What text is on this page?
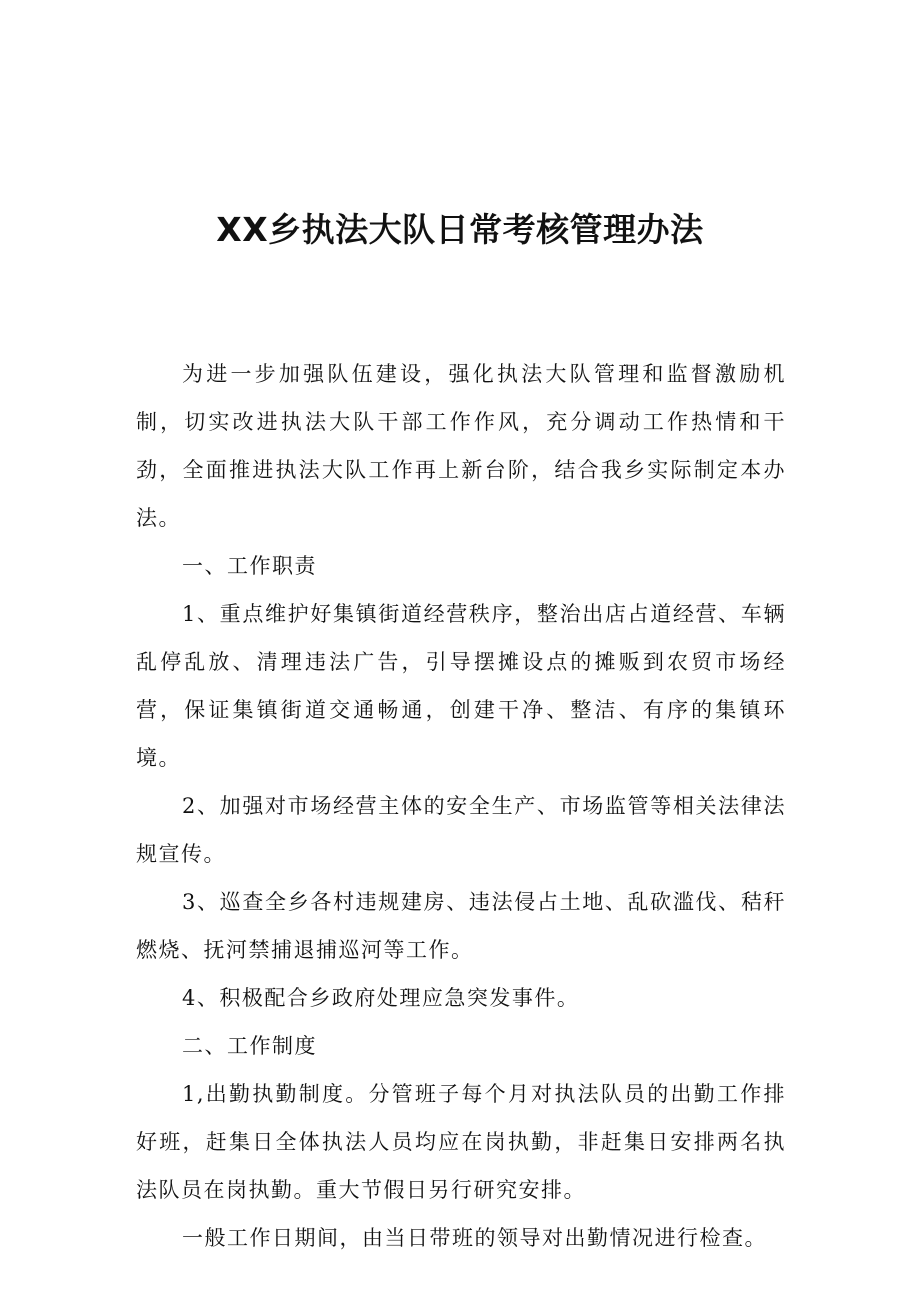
XX乡执法大队日常考核管理办法

为进一步加强队伍建设，强化执法大队管理和监督激励机制，切实改进执法大队干部工作作风，充分调动工作热情和干劲，全面推进执法大队工作再上新台阶，结合我乡实际制定本办法。

一、工作职责

1、重点维护好集镇街道经营秩序，整治出店占道经营、车辆乱停乱放、清理违法广告，引导摆摊设点的摊贩到农贸市场经营，保证集镇街道交通畅通，创建干净、整洁、有序的集镇环境。

2、加强对市场经营主体的安全生产、市场监管等相关法律法规宣传。

3、巡查全乡各村违规建房、违法侵占土地、乱砍滥伐、秸秆燃烧、抚河禁捕退捕巡河等工作。

4、积极配合乡政府处理应急突发事件。

二、工作制度

1,出勤执勤制度。分管班子每个月对执法队员的出勤工作排好班，赶集日全体执法人员均应在岗执勤，非赶集日安排两名执法队员在岗执勤。重大节假日另行研究安排。

一般工作日期间，由当日带班的领导对出勤情况进行检查。
